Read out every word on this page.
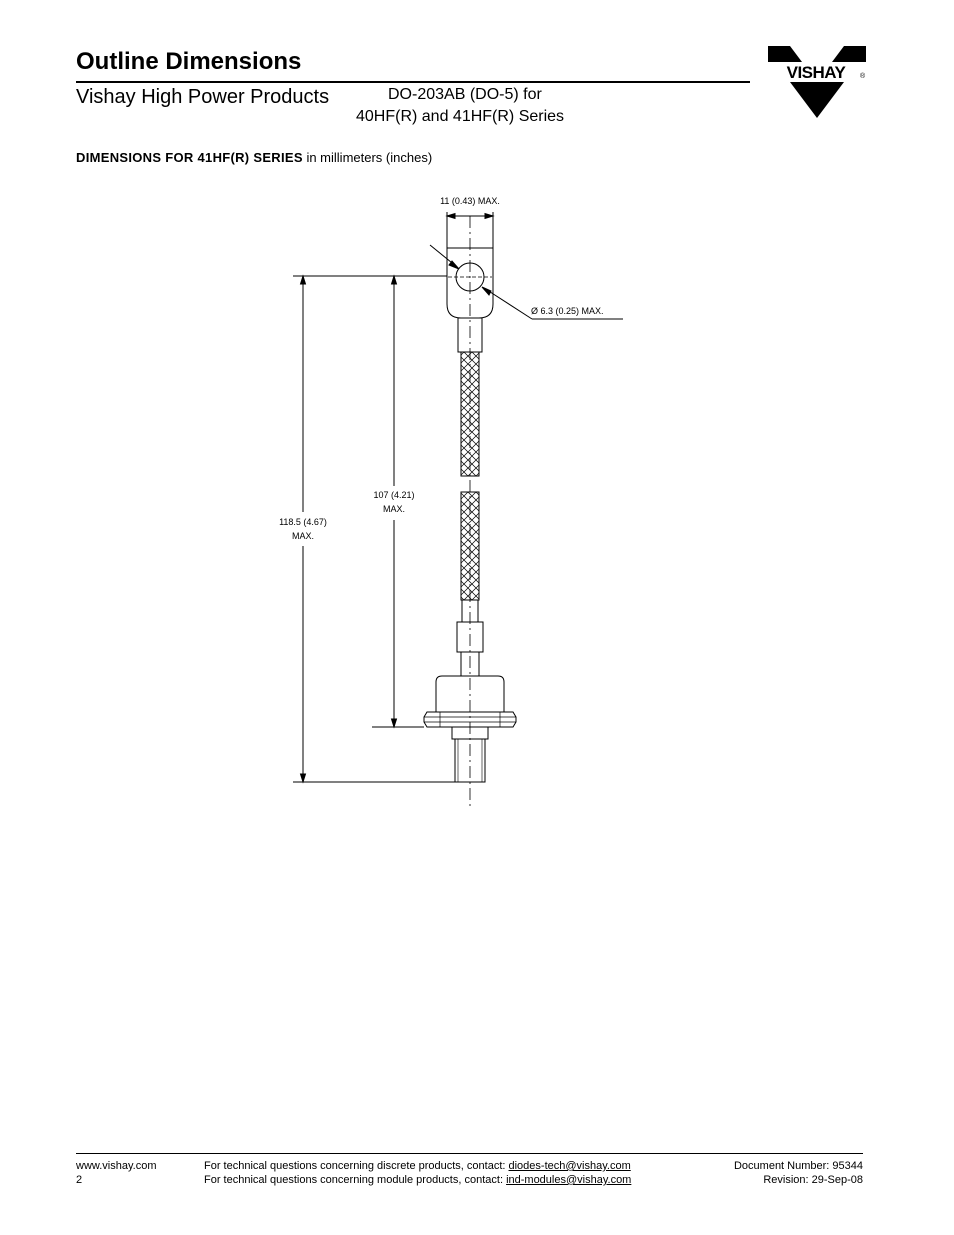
Outline Dimensions
Vishay High Power Products	DO-203AB (DO-5) for
40HF(R) and 41HF(R) Series
VISHAY ®
DIMENSIONS FOR 41HF(R) SERIES in millimeters (inches)
11 (0.43) MAX.
Ø 6.3 (0.25) MAX.
107 (4.21)
MAX.
118.5 (4.67)
MAX.
www.vishay.com
2
For technical questions concerning discrete products, contact: diodes-tech@vishay.com
For technical questions concerning module products, contact: ind-modules@vishay.com
Document Number: 95344
Revision: 29-Sep-08
